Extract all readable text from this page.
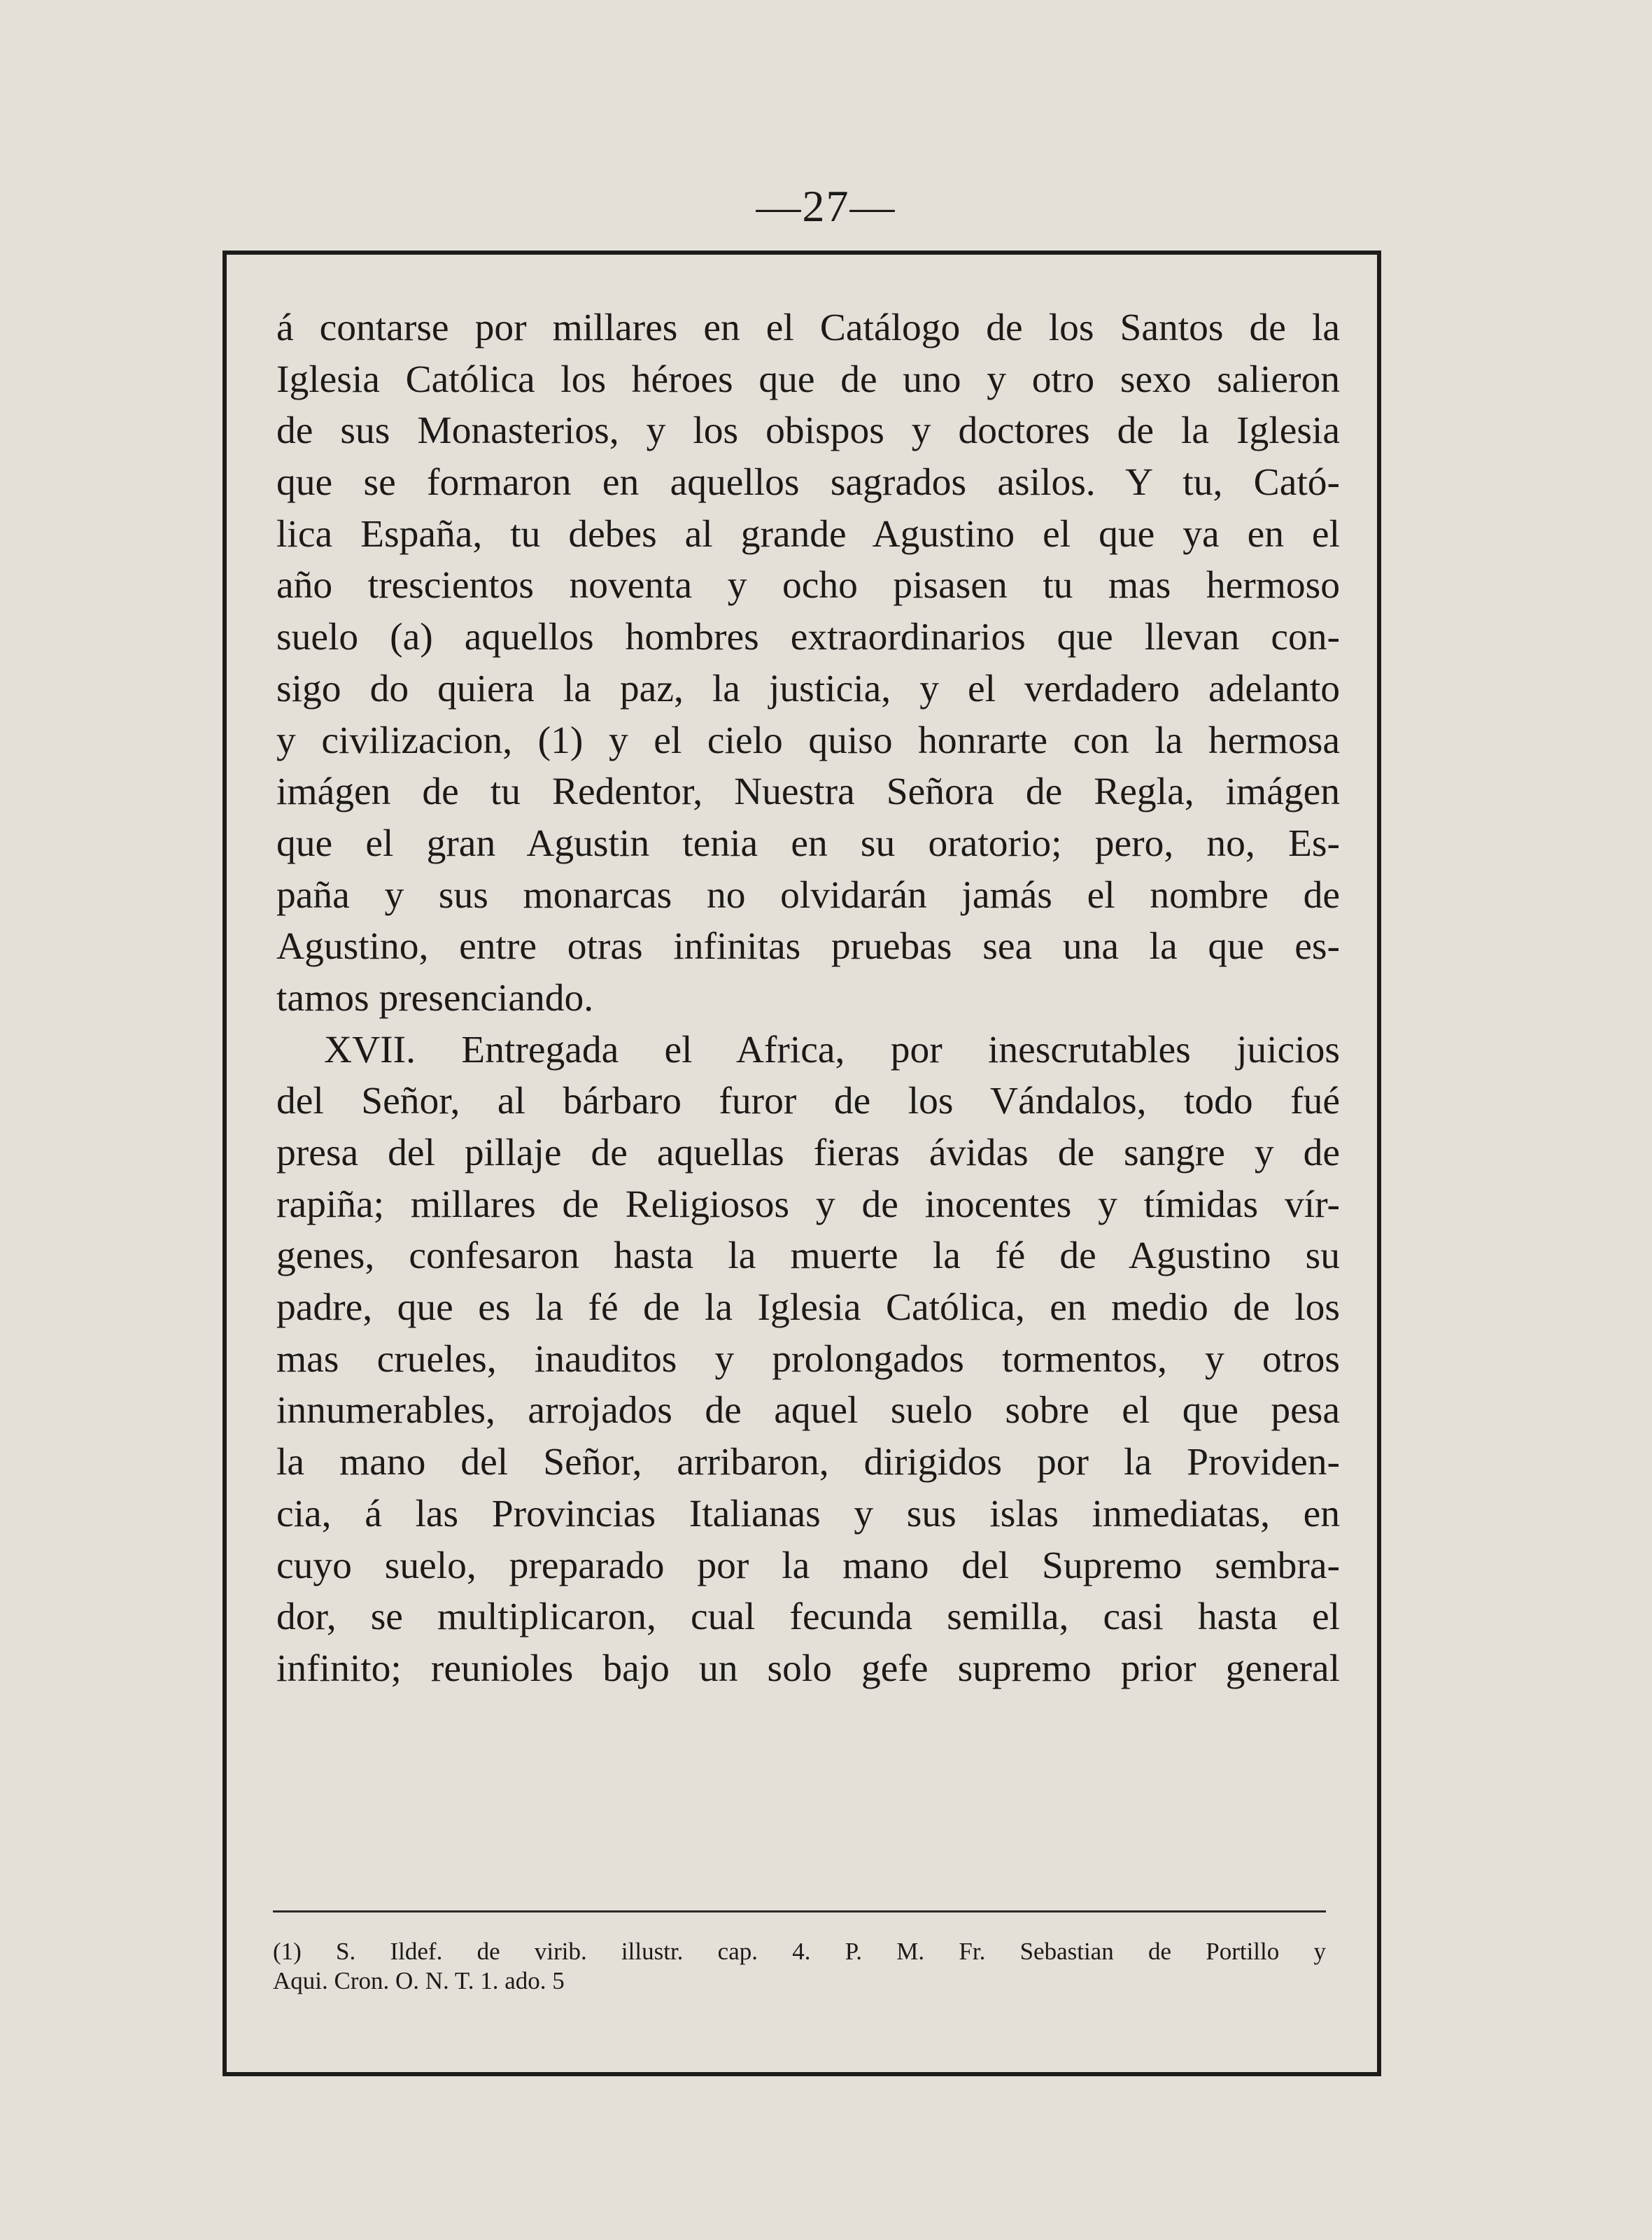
—27—
á contarse por millares en el Catálogo de los Santos de la
Iglesia Católica los héroes que de uno y otro sexo salieron
de sus Monasterios, y los obispos y doctores de la Iglesia
que se formaron en aquellos sagrados asilos. Y tu, Cató-
lica España, tu debes al grande Agustino el que ya en el
año trescientos noventa y ocho pisasen tu mas hermoso
suelo (a) aquellos hombres extraordinarios que llevan con-
sigo do quiera la paz, la justicia, y el verdadero adelanto
y civilizacion, (1) y el cielo quiso honrarte con la hermosa
imágen de tu Redentor, Nuestra Señora de Regla, imágen
que el gran Agustin tenia en su oratorio; pero, no, Es-
paña y sus monarcas no olvidarán jamás el nombre de
Agustino, entre otras infinitas pruebas sea una la que es-
tamos presenciando.
XVII. Entregada el Africa, por inescrutables juicios
del Señor, al bárbaro furor de los Vándalos, todo fué
presa del pillaje de aquellas fieras ávidas de sangre y de
rapiña; millares de Religiosos y de inocentes y tímidas vír-
genes, confesaron hasta la muerte la fé de Agustino su
padre, que es la fé de la Iglesia Católica, en medio de los
mas crueles, inauditos y prolongados tormentos, y otros
innumerables, arrojados de aquel suelo sobre el que pesa
la mano del Señor, arribaron, dirigidos por la Providen-
cia, á las Provincias Italianas y sus islas inmediatas, en
cuyo suelo, preparado por la mano del Supremo sembra-
dor, se multiplicaron, cual fecunda semilla, casi hasta el
infinito; reunioles bajo un solo gefe supremo prior general
(1) S. Ildef. de virib. illustr. cap. 4. P. M. Fr. Sebastian de Portillo y
Aqui. Cron. O. N. T. 1. ado. 5
